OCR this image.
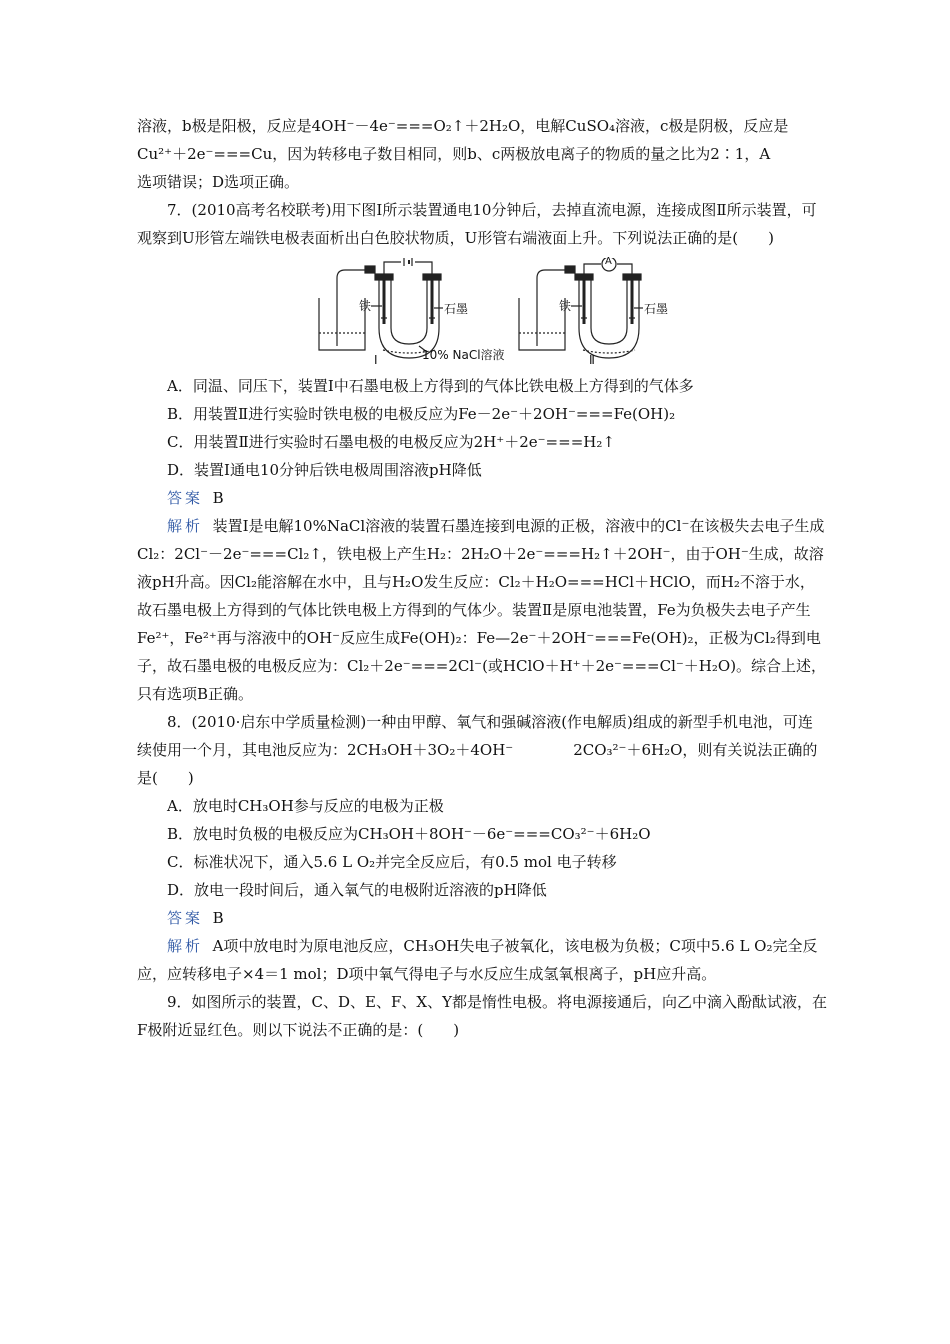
溶液，b极是阳极，反应是4OH⁻－4e⁻===O₂↑＋2H₂O，电解CuSO₄溶液，c极是阴极，反应是

Cu²⁺＋2e⁻===Cu，因为转移电子数目相同，则b、c两极放电离子的物质的量之比为2∶1，A

选项错误；D选项正确。

7．(2010高考名校联考)用下图Ⅰ所示装置通电10分钟后，去掉直流电源，连接成图Ⅱ所示装置，可观察到U形管左端铁电极表面析出白色胶状物质，U形管右端液面上升。下列说法正确的是(　　)

铁	石墨
10% NaCl溶液
Ⅰ
铁	石墨
A
Ⅱ

A．同温、同压下，装置Ⅰ中石墨电极上方得到的气体比铁电极上方得到的气体多

B．用装置Ⅱ进行实验时铁电极的电极反应为Fe－2e⁻＋2OH⁻===Fe(OH)₂

C．用装置Ⅱ进行实验时石墨电极的电极反应为2H⁺＋2e⁻===H₂↑

D．装置Ⅰ通电10分钟后铁电极周围溶液pH降低

答案 B

解析 装置Ⅰ是电解10%NaCl溶液的装置石墨连接到电源的正极，溶液中的Cl⁻在该极失去电子生成Cl₂：2Cl⁻－2e⁻===Cl₂↑，铁电极上产生H₂：2H₂O＋2e⁻===H₂↑＋2OH⁻，由于OH⁻生成，故溶液pH升高。因Cl₂能溶解在水中，且与H₂O发生反应：Cl₂＋H₂O===HCl＋HClO，而H₂不溶于水，故石墨电极上方得到的气体比铁电极上方得到的气体少。装置Ⅱ是原电池装置，Fe为负极失去电子产生Fe²⁺，Fe²⁺再与溶液中的OH⁻反应生成Fe(OH)₂：Fe—2e⁻＋2OH⁻===Fe(OH)₂，正极为Cl₂得到电子，故石墨电极的电极反应为：Cl₂＋2e⁻===2Cl⁻(或HClO＋H⁺＋2e⁻===Cl⁻＋H₂O)。综合上述，只有选项B正确。

8．(2010·启东中学质量检测)一种由甲醇、氧气和强碱溶液(作电解质)组成的新型手机电池，可连续使用一个月，其电池反应为：2CH₃OH＋3O₂＋4OH⁻　　　　2CO₃²⁻＋6H₂O，则有关说法正确的是(　　)

A．放电时CH₃OH参与反应的电极为正极

B．放电时负极的电极反应为CH₃OH＋8OH⁻－6e⁻===CO₃²⁻＋6H₂O

C．标准状况下，通入5.6 L O₂并完全反应后，有0.5 mol 电子转移

D．放电一段时间后，通入氧气的电极附近溶液的pH降低

答案 B

解析 A项中放电时为原电池反应，CH₃OH失电子被氧化，该电极为负极；C项中5.6 L O₂完全反应，应转移电子×4＝1 mol；D项中氧气得电子与水反应生成氢氧根离子，pH应升高。

9．如图所示的装置，C、D、E、F、X、Y都是惰性电极。将电源接通后，向乙中滴入酚酞试液，在F极附近显红色。则以下说法不正确的是：(　　)
